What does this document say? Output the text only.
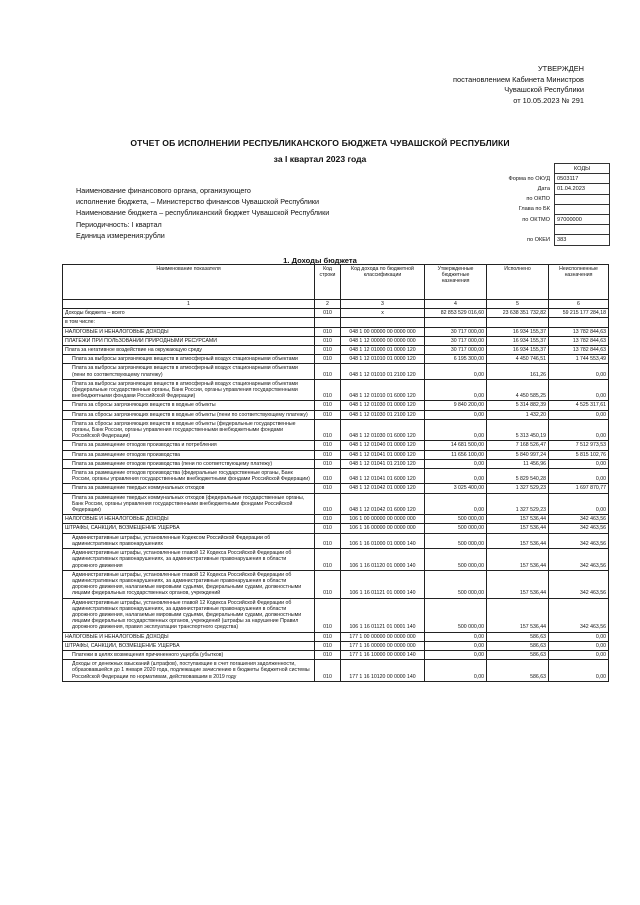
УТВЕРЖДЕН
постановлением Кабинета Министров
Чувашской Республики
от 10.05.2023 № 291
ОТЧЕТ ОБ ИСПОЛНЕНИИ РЕСПУБЛИКАНСКОГО БЮДЖЕТА ЧУВАШСКОЙ РЕСПУБЛИКИ
за I квартал 2023 года
	КОДЫ
Форма по ОКУД	0503117
Дата	01.04.2023
по ОКПО	
Глава по БК	
по ОКТМО	97000000

по ОКЕИ	383
Наименование финансового органа, организующего
исполнение бюджета, – Министерство финансов Чувашской Республики
Наименование бюджета – республиканский бюджет Чувашской Республики
Периодичность: I квартал
Единица измерения:рубли
1. Доходы бюджета
Наименование показателя	Код строки	Код дохода по бюджетной классификации	Утвержденные бюджетные назначения	Исполнено	Неисполненные назначения
1	2	3	4	5	6
Доходы бюджета – всего	010	x	82 853 529 016,60	23 638 351 732,82	59 215 177 284,18
в том числе:					
НАЛОГОВЫЕ И НЕНАЛОГОВЫЕ ДОХОДЫ	010	048 1 00 00000 00 0000 000	30 717 000,00	16 934 155,37	13 782 844,63
ПЛАТЕЖИ ПРИ ПОЛЬЗОВАНИИ ПРИРОДНЫМИ РЕСУРСАМИ	010	048 1 12 00000 00 0000 000	30 717 000,00	16 934 155,37	13 782 844,63
Плата за негативное воздействие на окружающую среду	010	048 1 12 01000 01 0000 120	30 717 000,00	16 934 155,37	13 782 844,63
Плата за выбросы загрязняющих веществ в атмосферный воздух стационарными объектами	010	048 1 12 01010 01 0000 120	6 195 300,00	4 450 746,51	1 744 553,49
Плата за выбросы загрязняющих веществ в атмосферный воздух стационарными объектами (пени по соответствующему платежу)	010	048 1 12 01010 01 2100 120	0,00	161,26	0,00
Плата за выбросы загрязняющих веществ в атмосферный воздух стационарными объектами (федеральные государственные органы, Банк России, органы управления государственными внебюджетными фондами Российской Федерации)	010	048 1 12 01010 01 6000 120	0,00	4 450 585,25	0,00
Плата за сбросы загрязняющих веществ в водные объекты	010	048 1 12 01030 01 0000 120	9 840 200,00	5 314 882,39	4 525 317,61
Плата за сбросы загрязняющих веществ в водные объекты (пени по соответствующему платежу)	010	048 1 12 01030 01 2100 120	0,00	1 432,20	0,00
Плата за сбросы загрязняющих веществ в водные объекты (федеральные государственные органы, Банк России, органы управления государственными внебюджетными фондами Российской Федерации)	010	048 1 12 01030 01 6000 120	0,00	5 313 450,19	0,00
Плата за размещение отходов производства и потребления	010	048 1 12 01040 01 0000 120	14 681 500,00	7 168 526,47	7 512 973,53
Плата за размещение отходов производства	010	048 1 12 01041 01 0000 120	11 656 100,00	5 840 997,24	5 815 102,76
Плата за размещение отходов производства (пени по соответствующему платежу)	010	048 1 12 01041 01 2100 120	0,00	11 456,96	0,00
Плата за размещение отходов производства (федеральные государственные органы, Банк России, органы управления государственными внебюджетными фондами Российской Федерации)	010	048 1 12 01041 01 6000 120	0,00	5 829 540,28	0,00
Плата за размещение твердых коммунальных отходов	010	048 1 12 01042 01 0000 120	3 025 400,00	1 327 529,23	1 697 870,77
Плата за размещение твердых коммунальных отходов (федеральные государственные органы, Банк России, органы управления государственными внебюджетными фондами Российской Федерации)	010	048 1 12 01042 01 6000 120	0,00	1 327 529,23	0,00
НАЛОГОВЫЕ И НЕНАЛОГОВЫЕ ДОХОДЫ	010	106 1 00 00000 00 0000 000	500 000,00	157 536,44	342 463,56
ШТРАФЫ, САНКЦИИ, ВОЗМЕЩЕНИЕ УЩЕРБА	010	106 1 16 00000 00 0000 000	500 000,00	157 536,44	342 463,56
Административные штрафы, установленные Кодексом Российской Федерации об административных правонарушениях	010	106 1 16 01000 01 0000 140	500 000,00	157 536,44	342 463,56
Административные штрафы, установленные главой 12 Кодекса Российской Федерации об административных правонарушениях, за административные правонарушения в области дорожного движения	010	106 1 16 01120 01 0000 140	500 000,00	157 536,44	342 463,56
Административные штрафы, установленные главой 12 Кодекса Российской Федерации об административных правонарушениях, за административные правонарушения в области дорожного движения, налагаемые мировыми судьями, федеральными судами, должностными лицами федеральных государственных органов, учреждений	010	106 1 16 01121 01 0000 140	500 000,00	157 536,44	342 463,56
Административные штрафы, установленные главой 12 Кодекса Российской Федерации об административных правонарушениях, за административные правонарушения в области дорожного движения, налагаемые мировыми судьями, федеральными судами, должностными лицами федеральных государственных органов, учреждений (штрафы за нарушение Правил дорожного движения, правил эксплуатации транспортного средства)	010	106 1 16 01121 01 0001 140	500 000,00	157 536,44	342 463,56
НАЛОГОВЫЕ И НЕНАЛОГОВЫЕ ДОХОДЫ	010	177 1 00 00000 00 0000 000	0,00	586,63	0,00
ШТРАФЫ, САНКЦИИ, ВОЗМЕЩЕНИЕ УЩЕРБА	010	177 1 16 00000 00 0000 000	0,00	586,63	0,00
Платежи в целях возмещения причиненного ущерба (убытков)	010	177 1 16 10000 00 0000 140	0,00	586,63	0,00
Доходы от денежных взысканий (штрафов), поступающие в счет погашения задолженности, образовавшейся до 1 января 2020 года, подлежащие зачислению в бюджеты бюджетной системы Российской Федерации по нормативам, действовавшим в 2019 году	010	177 1 16 10120 00 0000 140	0,00	586,63	0,00
